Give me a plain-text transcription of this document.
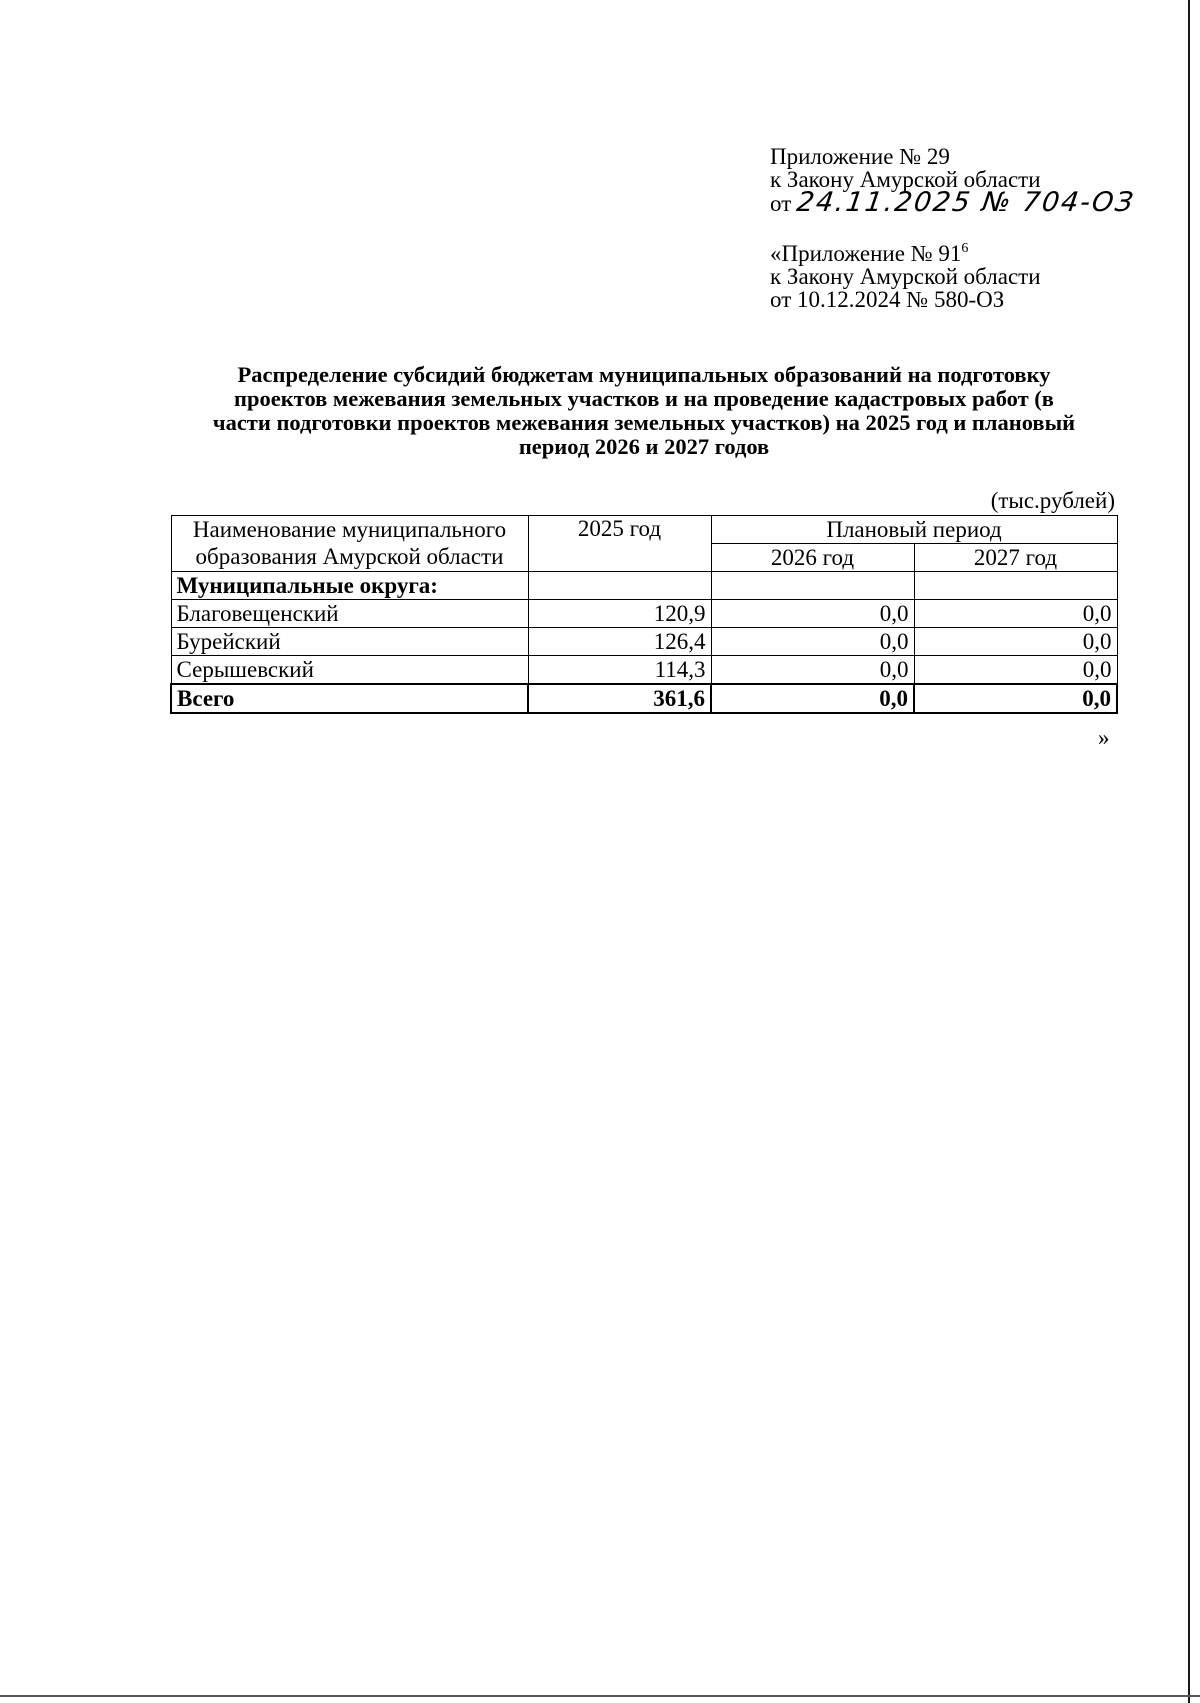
Приложение № 29
к Закону Амурской области
от 24.11.2025 № 704-ОЗ
«Приложение № $91^6$
к Закону Амурской области
от 10.12.2024 № 580-ОЗ
Распределение субсидий бюджетам муниципальных образований на подготовку
проектов межевания земельных участков и на проведение кадастровых работ (в
части подготовки проектов межевания земельных участков) на 2025 год и плановый
период 2026 и 2027 годов
(тыс.рублей)
Наименование муниципального	2025 год	Плановый период	
образования Амурской области		2026 год	2027 год
Муниципальные округа:			
Благовещенский	120,9	0,0	0,0
Бурейский	126,4	0,0	0,0
Серышевский	114,3	0,0	0,0
Всего	361,6	0,0	0,0
»
